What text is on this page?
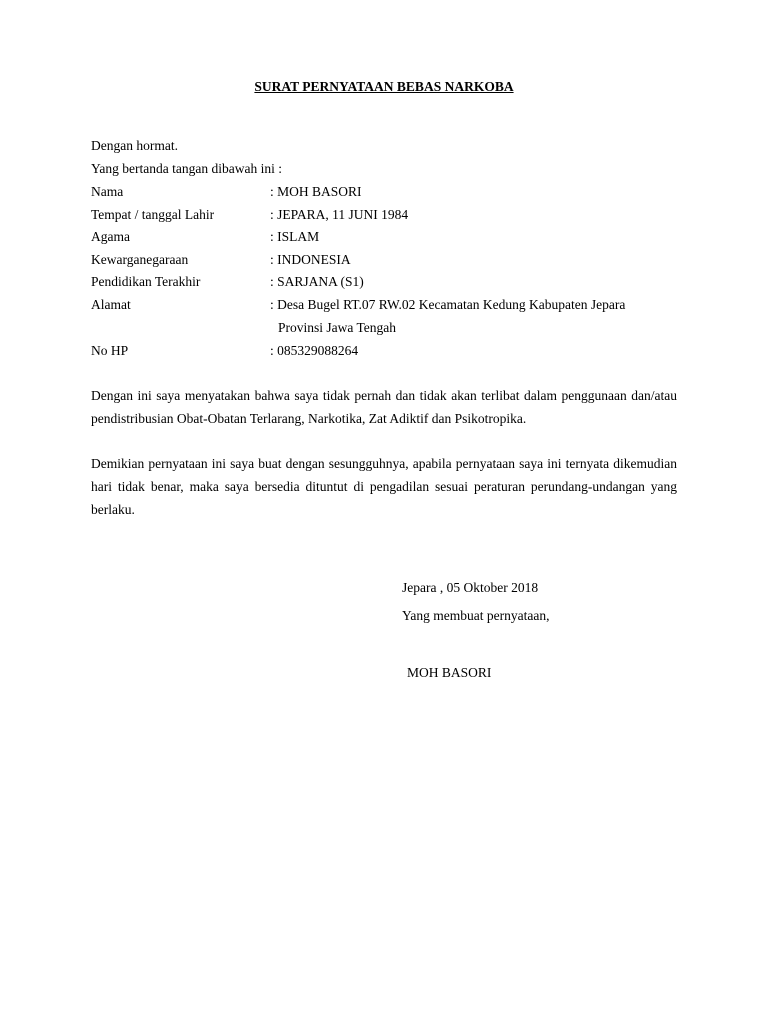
SURAT PERNYATAAN BEBAS NARKOBA
Dengan hormat.
Yang bertanda tangan dibawah ini :
Nama	: MOH BASORI
Tempat / tanggal Lahir	: JEPARA, 11 JUNI 1984
Agama	: ISLAM
Kewarganegaraan	: INDONESIA
Pendidikan Terakhir	: SARJANA (S1)
Alamat	: Desa Bugel RT.07 RW.02 Kecamatan Kedung Kabupaten Jepara
Provinsi Jawa Tengah
No HP	: 085329088264
Dengan ini saya menyatakan bahwa saya tidak pernah dan tidak akan terlibat dalam penggunaan dan/atau pendistribusian Obat-Obatan Terlarang, Narkotika, Zat Adiktif dan Psikotropika.
Demikian pernyataan ini saya buat dengan sesungguhnya, apabila pernyataan saya ini ternyata dikemudian hari tidak benar, maka saya bersedia dituntut di pengadilan sesuai peraturan perundang-undangan yang berlaku.
Jepara , 05 Oktober 2018
Yang membuat pernyataan,
MOH BASORI
